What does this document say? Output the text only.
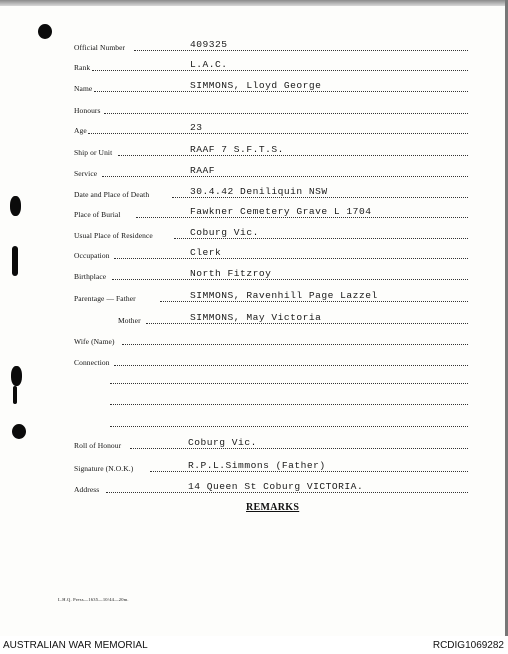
Official Number	409325
Rank	L.A.C.
Name	SIMMONS, Lloyd George
Honours
Age	23
Ship or Unit	RAAF 7 S.F.T.S.
Service	RAAF
Date and Place of Death	30.4.42 Deniliquin NSW
Place of Burial	Fawkner Cemetery Grave L 1704
Usual Place of Residence	Coburg Vic.
Occupation	Clerk
Birthplace	North Fitzroy
Parentage — Father	SIMMONS, Ravenhill Page Lazzel
Mother	SIMMONS, May Victoria
Wife (Name)
Connection
Roll of Honour	Coburg Vic.
Signature (N.O.K.)	R.P.L.Simmons (Father)
Address	14 Queen St Coburg VICTORIA.
REMARKS
L.H.Q. Press—1635—10/44—20m.
AUSTRALIAN WAR MEMORIAL	RCDIG1069282
